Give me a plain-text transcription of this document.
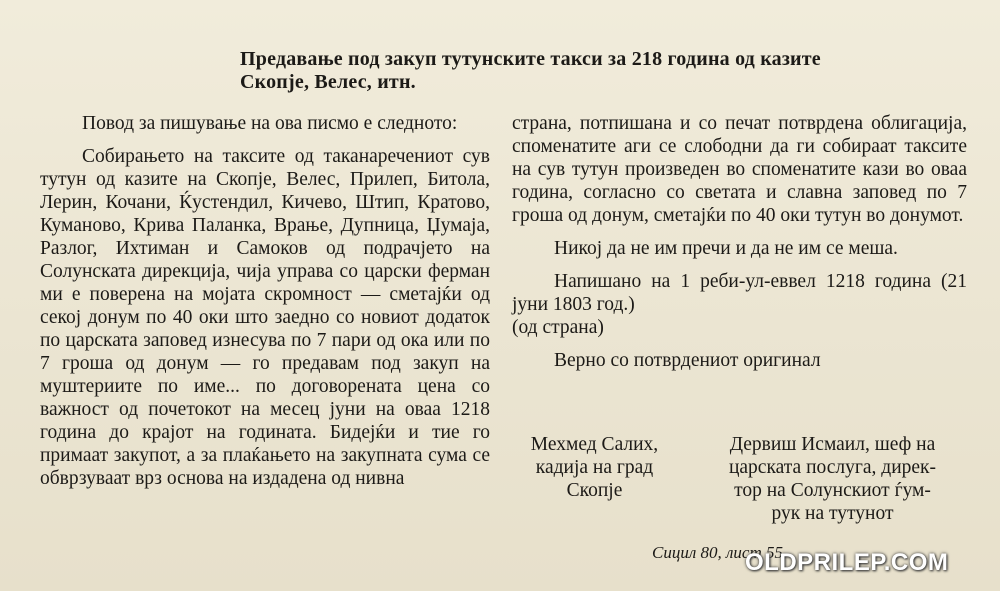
Предавање под закуп тутунските такси за 218 година од казите
Скопје, Велес, итн.

Повод за пишување на ова писмо е следното:

Собирањето на таксите од таканаречениот сув тутун од казите на Скопје, Велес, Прилеп, Битола, Лерин, Кочани, Ќустендил, Кичево, Штип, Кратово, Куманово, Крива Паланка, Врање, Дупница, Џумаја, Разлог, Ихтиман и Самоков од подрачјето на Солунската дирекција, чија управа со царски ферман ми е поверена на мојата скромност — сметајќи од секој донум по 40 оки што заедно со новиот додаток по царската заповед изнесува по 7 пари од ока или по 7 гроша од донум — го предавам под закуп на муштериите по име... по договорената цена со важност од почетокот на месец јуни на оваа 1218 година до крајот на годината. Бидејќи и тие го примаат закупот, а за плаќањето на закупната сума се обврзуваат врз основа на издадена од нивна

страна, потпишана и со печат потврдена облигација, споменатите аги се слободни да ги собираат таксите на сув тутун произведен во споменатите кази во оваа година, согласно со светата и славна заповед по 7 гроша од донум, сметајќи по 40 оки тутун во донумот.

Никој да не им пречи и да не им се меша.

Напишано на 1 реби-ул-еввел 1218 година (21 јуни 1803 год.)

(од страна)

Верно со потврдениот оригинал

Мехмед Салих,
кадија на град
Скопје
Дервиш Исмаил, шеф на
царската послуга, дирек-
тор на Солунскиот ѓум-
рук на тутунот
Сицил 80, лист 55
OLDPRILEP.COM
